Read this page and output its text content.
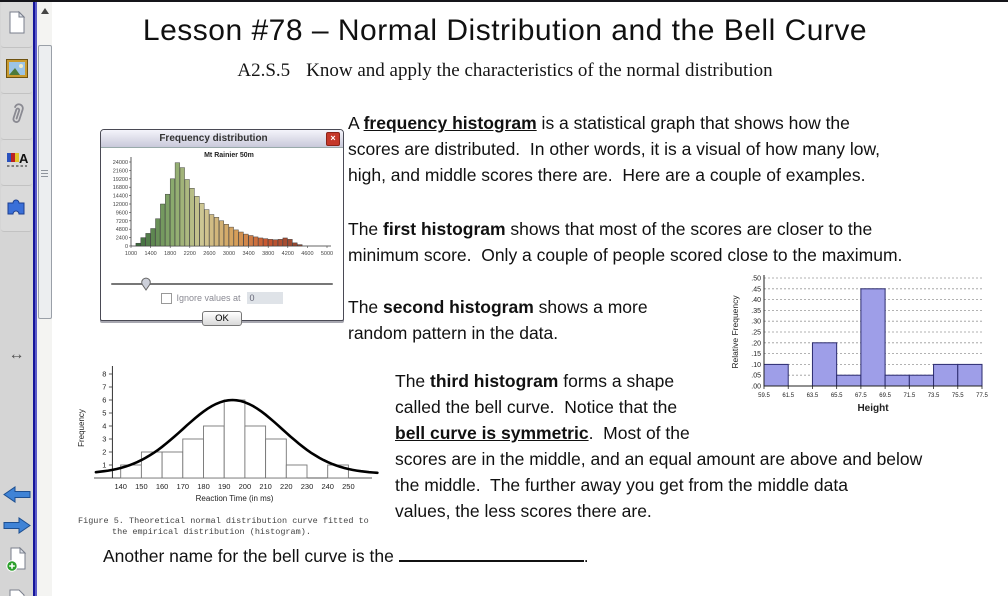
A
↔
Lesson #78 – Normal Distribution and the Bell Curve
A2.S.5 Know and apply the characteristics of the normal distribution
Frequency distribution	×
Mt Rainier 50m
2400
4800
7200
9600
12000
14400
16800
19200
21600
24000
0
1000 1400 1800 2200 2600 3000 3400 3800 4200 4600 5000
Ignore values at	0
OK
A frequency histogram is a statistical graph that shows how the
scores are distributed.  In other words, it is a visual of how many low,
high, and middle scores there are.  Here are a couple of examples.
The first histogram shows that most of the scores are closer to the
minimum score.  Only a couple of people scored close to the maximum.
The second histogram shows a more
random pattern in the data.
The third histogram forms a shape
called the bell curve.  Notice that the
bell curve is symmetric.  Most of the
scores are in the middle, and an equal amount are above and below
the middle.  The further away you get from the middle data
values, the less scores there are.
Another name for the bell curve is the	.
.00
.05
.10
.15
.20
.25
.30
.35
.40
.45
.50
59.5 61.5 63.5 65.5 67.5 69.5 71.5 73.5 75.5 77.5
Height
Relative Frequency
1
2
3
4
5
6
7
8
140 150 160 170 180 190 200 210 220 230 240 250
Reaction Time (in ms)
Frequency
Figure 5. Theoretical normal distribution curve fitted to
the empirical distribution (histogram).
